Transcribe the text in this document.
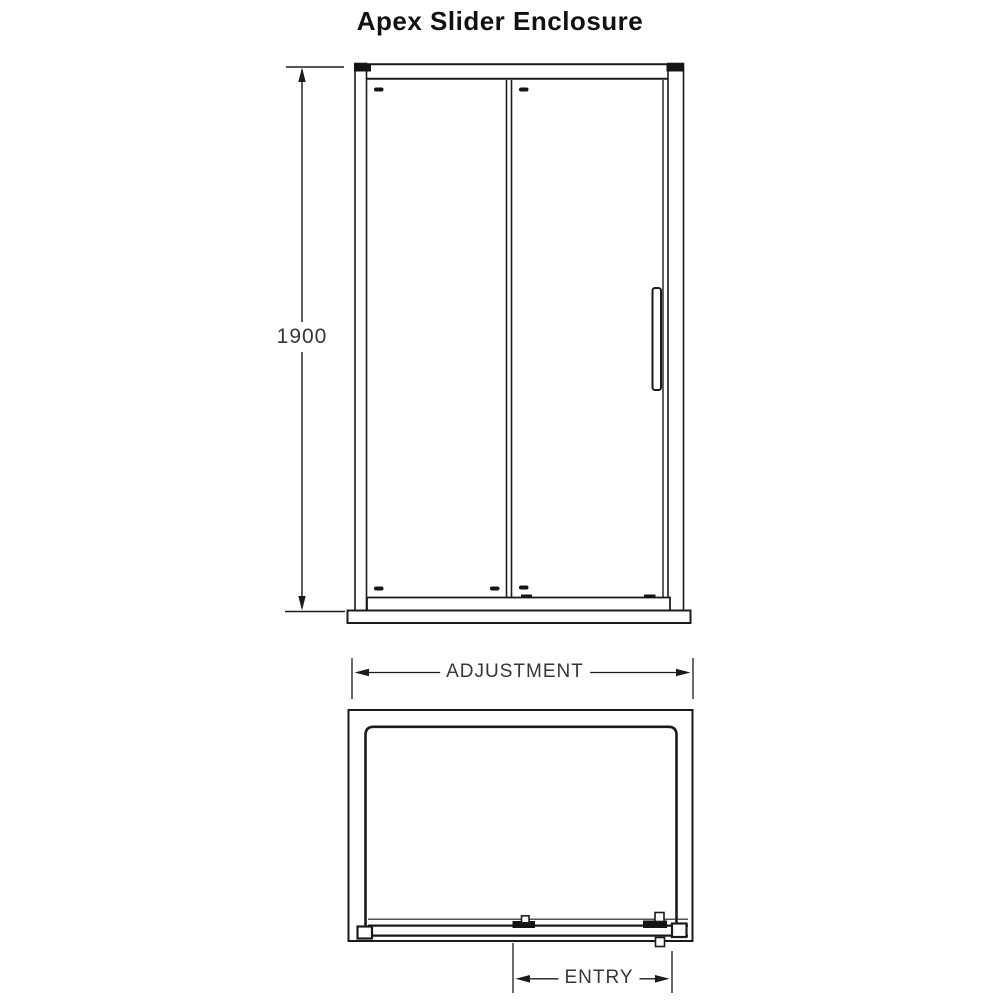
Apex Slider Enclosure
1900
ADJUSTMENT
ENTRY
